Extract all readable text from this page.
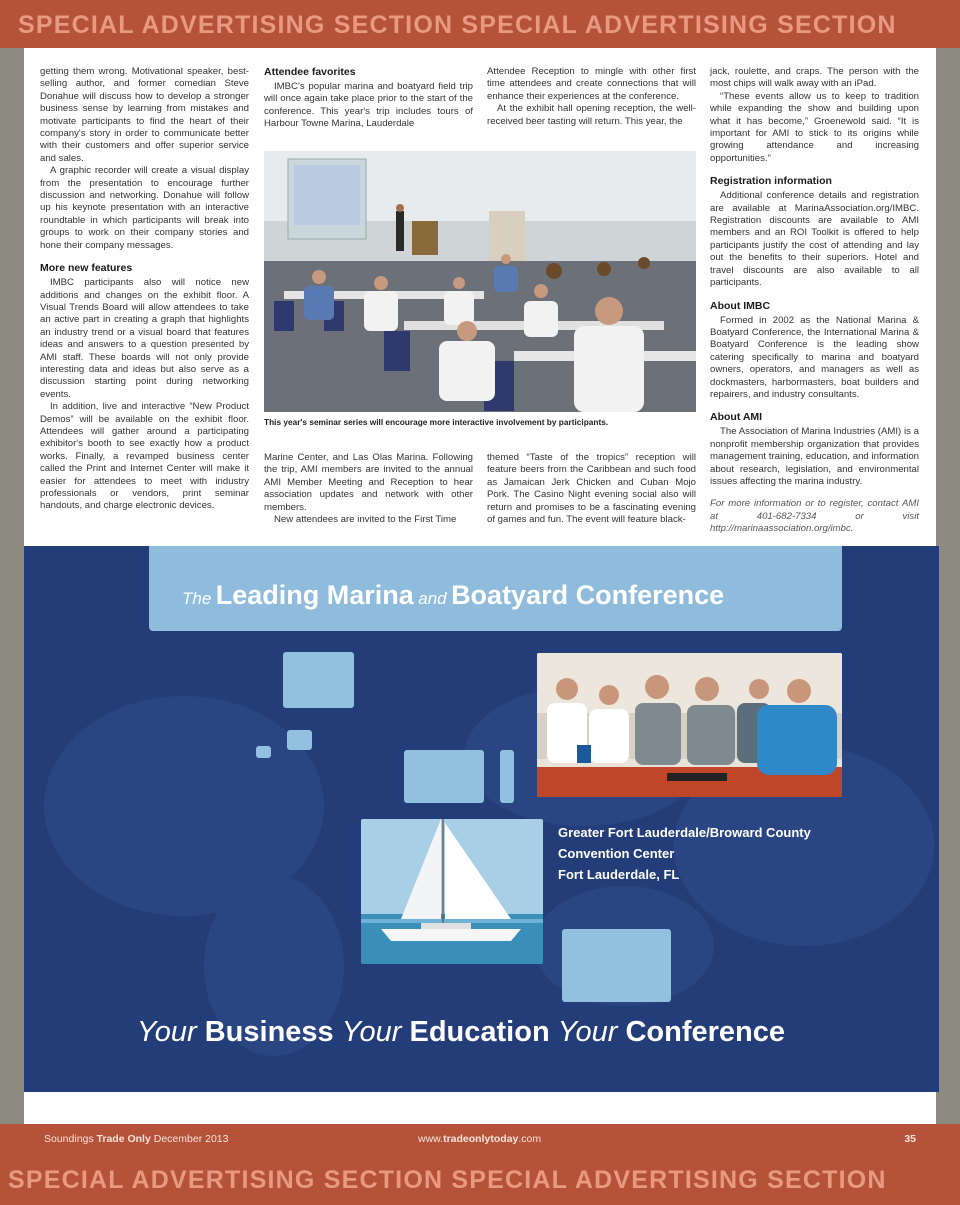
SPECIAL ADVERTISING SECTION SPECIAL ADVERTISING SECTION

getting them wrong. Motivational speaker, best-selling author, and former comedian Steve Donahue will discuss how to develop a stronger business sense by learning from mistakes and motivate participants to find the heart of their company's story in order to communicate better with their customers and offer superior service and sales.

A graphic recorder will create a visual display from the presentation to encourage further discussion and networking. Donahue will follow up his keynote presentation with an interactive roundtable in which participants will break into groups to work on their company stories and hone their company messages.

More new features

IMBC participants also will notice new additions and changes on the exhibit floor. A Visual Trends Board will allow attendees to take an active part in creating a graph that highlights an industry trend or a visual board that features ideas and answers to a question presented by AMI staff. These boards will not only provide interesting data and ideas but also serve as a discussion starting point during networking events.

In addition, live and interactive “New Product Demos” will be available on the exhibit floor. Attendees will gather around a participating exhibitor's booth to see exactly how a product works. Finally, a revamped business center called the Print and Internet Center will make it easier for attendees to meet with industry professionals or vendors, print seminar handouts, and charge electronic devices.

Attendee favorites

IMBC's popular marina and boatyard field trip will once again take place prior to the start of the conference. This year's trip includes tours of Harbour Towne Marina, Lauderdale

Attendee Reception to mingle with other first time attendees and create connections that will enhance their experiences at the conference.

At the exhibit hall opening reception, the well-received beer tasting will return. This year, the

jack, roulette, and craps. The person with the most chips will walk away with an iPad.

“These events allow us to keep to tradition while expanding the show and building upon what it has become,” Groenewold said. “It is important for AMI to stick to its origins while growing attendance and increasing opportunities.”

Registration information

Additional conference details and registration are available at MarinaAssociation.org/IMBC. Registration discounts are available to AMI members and an ROI Toolkit is offered to help participants justify the cost of attending and lay out the benefits to their superiors. Hotel and travel discounts are also available to all participants.

About IMBC

Formed in 2002 as the National Marina & Boatyard Conference, the International Marina & Boatyard Conference is the leading show catering specifically to marina and boatyard owners, operators, and managers as well as dockmasters, harbormasters, boat builders and repairers, and industry consultants.

About AMI

The Association of Marina Industries (AMI) is a nonprofit membership organization that provides management training, education, and information about research, legislation, and environmental issues affecting the marina industry.

For more information or to register, contact AMI at 401-682-7334 or visit http://marinaassociation.org/imbc.

This year's seminar series will encourage more interactive involvement by participants.

Marine Center, and Las Olas Marina. Following the trip, AMI members are invited to the annual AMI Member Meeting and Reception to hear association updates and network with other members.

New attendees are invited to the First Time

themed “Taste of the tropics” reception will feature beers from the Caribbean and such food as Jamaican Jerk Chicken and Cuban Mojo Pork. The Casino Night evening social also will return and promises to be a fascinating evening of games and fun. The event will feature black-

The Leading Marina and Boatyard Conference
Greater Fort Lauderdale/Broward County
Convention Center
Fort Lauderdale, FL
Your Business Your Education Your Conference
SPECIAL ADVERTISING SECTION SPECIAL ADVERTISING SECTION
Soundings Trade Only December 2013	www.tradeonlytoday.com	35
